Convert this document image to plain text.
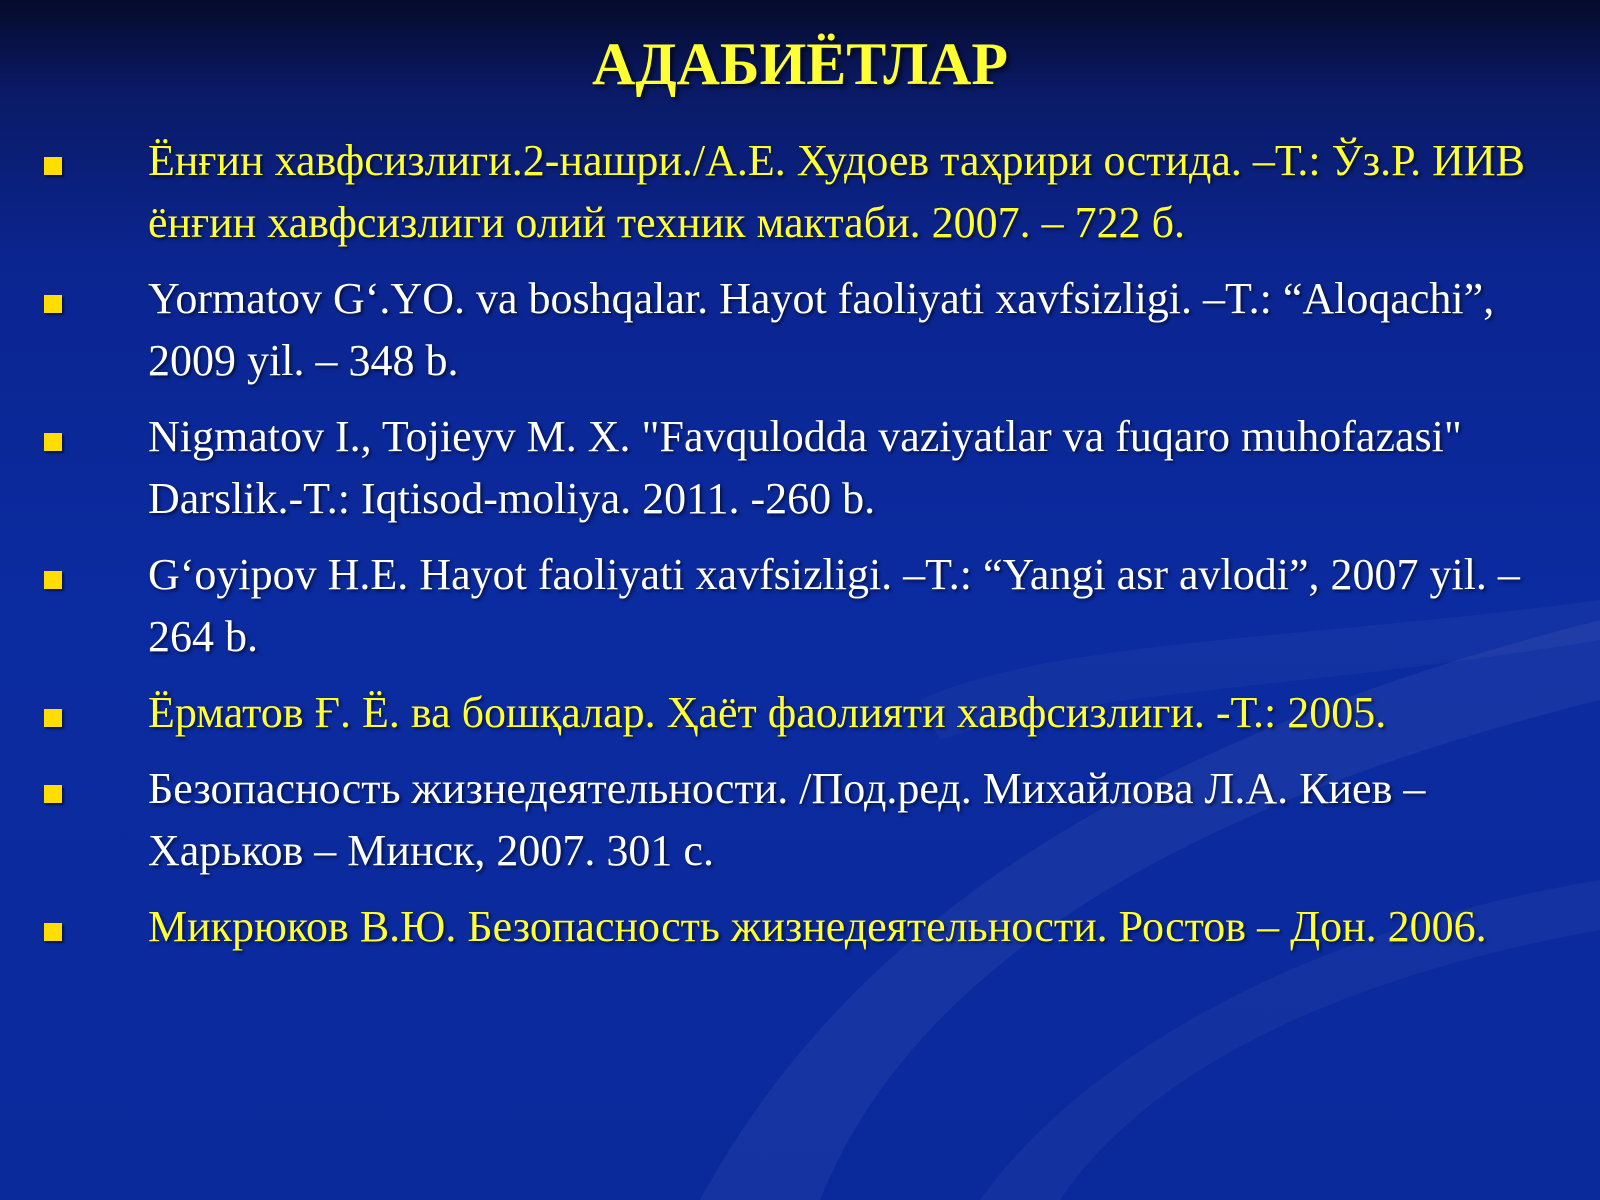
АДАБИЁТЛАР
Ёнғин хавфсизлиги.2-нашри./А.Е. Худоев таҳрири остида. –Т.: Ўз.Р. ИИВ ёнғин хавфсизлиги олий техник мактаби. 2007. – 722 б.
Yormatov G‘.YO. va boshqalar. Hayot faoliyati xavfsizligi. –T.: “Aloqachi”, 2009 yil. – 348 b.
Nigmatov I., Tojieyv M. X. "Favqulodda vaziyatlar va fuqaro muhofazasi" Darslik.-T.: Iqtisod-moliya. 2011. -260 b.
G‘oyipov H.E. Hayot faoliyati xavfsizligi. –T.: “Yangi asr avlodi”, 2007 yil. – 264 b.
Ёрматов Ғ. Ё. ва бошқалар. Ҳаёт фаолияти хавфсизлиги. -Т.: 2005.
Безопасность жизнедеятельности. /Под.ред. Михайлова Л.А. Киев – Харьков – Минск, 2007. 301 с.
Микрюков В.Ю. Безопасность жизнедеятельности. Ростов – Дон. 2006.
